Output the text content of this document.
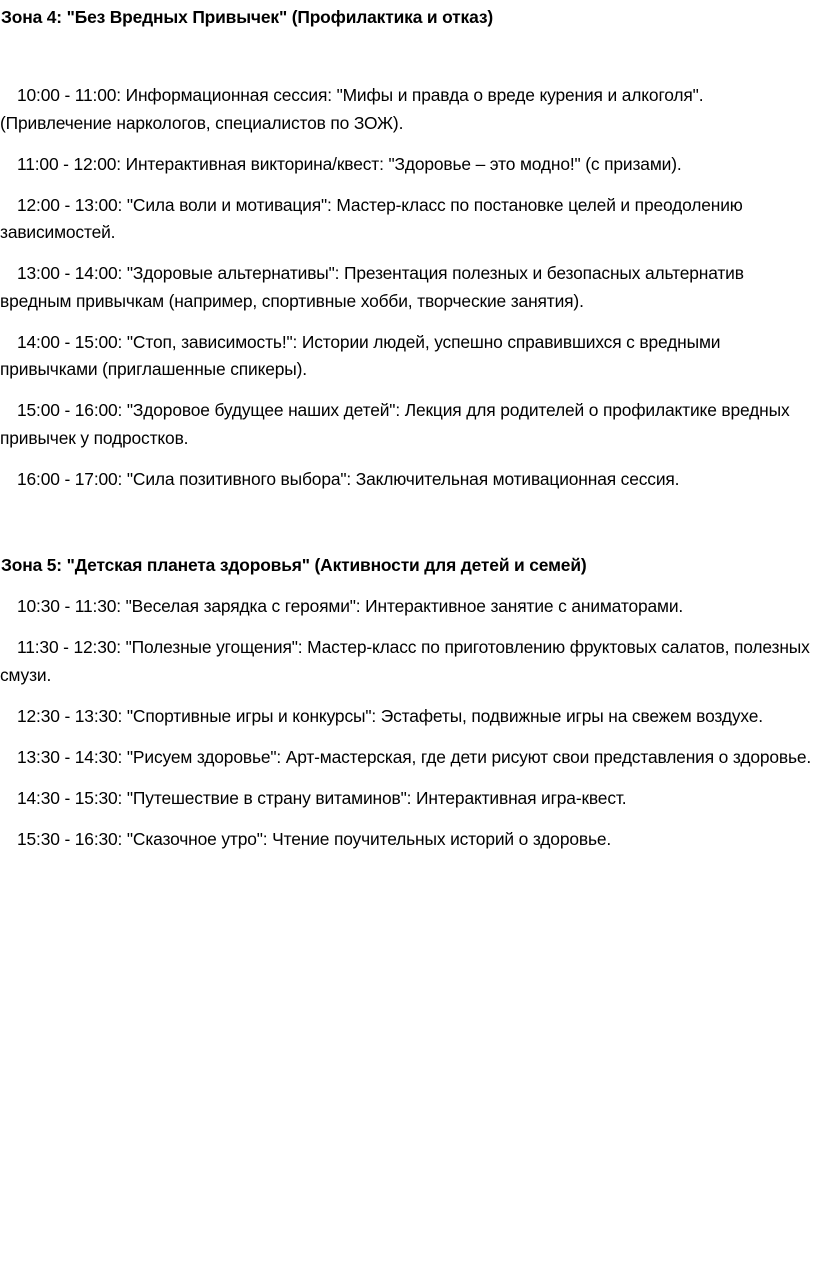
Зона 4: "Без Вредных Привычек" (Профилактика и отказ)
10:00 - 11:00: Информационная сессия: "Мифы и правда о вреде курения и алкоголя". (Привлечение наркологов, специалистов по ЗОЖ).
11:00 - 12:00: Интерактивная викторина/квест: "Здоровье – это модно!" (с призами).
12:00 - 13:00: "Сила воли и мотивация": Мастер-класс по постановке целей и преодолению зависимостей.
13:00 - 14:00: "Здоровые альтернативы": Презентация полезных и безопасных альтернатив вредным привычкам (например, спортивные хобби, творческие занятия).
14:00 - 15:00: "Стоп, зависимость!": Истории людей, успешно справившихся с вредными привычками (приглашенные спикеры).
15:00 - 16:00: "Здоровое будущее наших детей": Лекция для родителей о профилактике вредных привычек у подростков.
16:00 - 17:00: "Сила позитивного выбора": Заключительная мотивационная сессия.
Зона 5: "Детская планета здоровья" (Активности для детей и семей)
10:30 - 11:30: "Веселая зарядка с героями": Интерактивное занятие с аниматорами.
11:30 - 12:30: "Полезные угощения": Мастер-класс по приготовлению фруктовых салатов, полезных смузи.
12:30 - 13:30: "Спортивные игры и конкурсы": Эстафеты, подвижные игры на свежем воздухе.
13:30 - 14:30: "Рисуем здоровье": Арт-мастерская, где дети рисуют свои представления о здоровье.
14:30 - 15:30: "Путешествие в страну витаминов": Интерактивная игра-квест.
15:30 - 16:30: "Сказочное утро": Чтение поучительных историй о здоровье.
